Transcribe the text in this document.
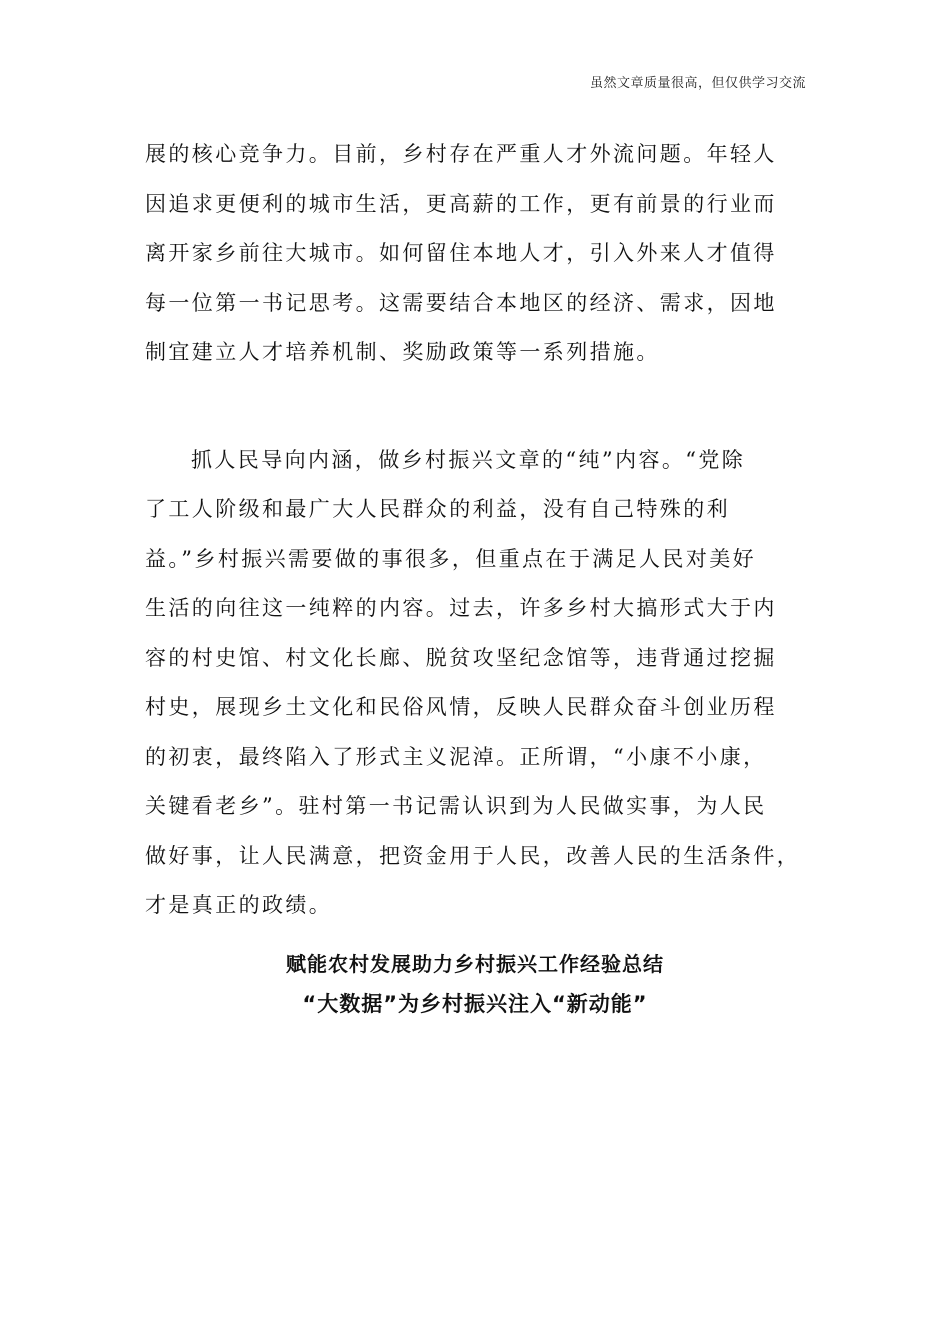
虽然文章质量很高，但仅供学习交流
展的核心竞争力。目前，乡村存在严重人才外流问题。年轻人
因追求更便利的城市生活，更高薪的工作，更有前景的行业而
离开家乡前往大城市。如何留住本地人才，引入外来人才值得
每一位第一书记思考。这需要结合本地区的经济、需求，因地
制宜建立人才培养机制、奖励政策等一系列措施。
抓人民导向内涵，做乡村振兴文章的“纯”内容。“党除
了工人阶级和最广大人民群众的利益，没有自己特殊的利
益。”乡村振兴需要做的事很多，但重点在于满足人民对美好
生活的向往这一纯粹的内容。过去，许多乡村大搞形式大于内
容的村史馆、村文化长廊、脱贫攻坚纪念馆等，违背通过挖掘
村史，展现乡土文化和民俗风情，反映人民群众奋斗创业历程
的初衷，最终陷入了形式主义泥淖。正所谓，“小康不小康，
关键看老乡”。驻村第一书记需认识到为人民做实事，为人民
做好事，让人民满意，把资金用于人民，改善人民的生活条件，
才是真正的政绩。
赋能农村发展助力乡村振兴工作经验总结
“大数据”为乡村振兴注入“新动能”
